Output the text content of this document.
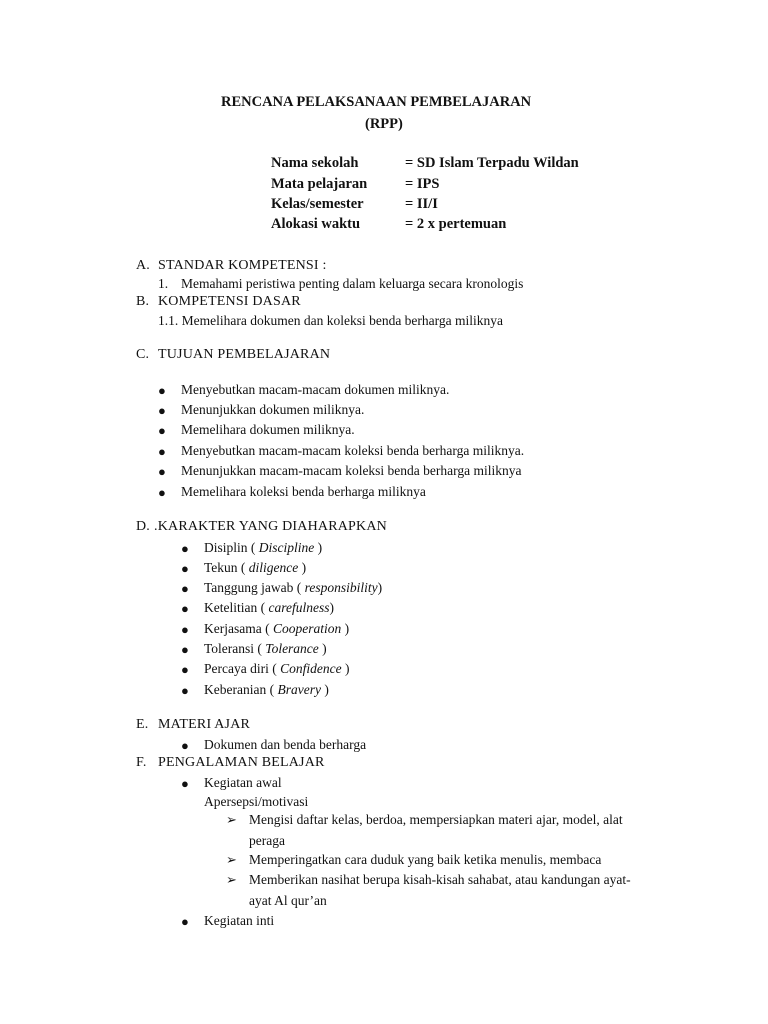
RENCANA PELAKSANAAN PEMBELAJARAN
(RPP)
Nama sekolah	= SD Islam Terpadu Wildan
Mata pelajaran	= IPS
Kelas/semester	= II/I
Alokasi waktu	= 2 x pertemuan
A. STANDAR KOMPETENSI :
1. Memahami peristiwa penting dalam keluarga secara kronologis
B. KOMPETENSI DASAR
1.1. Memelihara dokumen dan koleksi benda berharga miliknya
C. TUJUAN PEMBELAJARAN
● Menyebutkan macam-macam dokumen miliknya.
● Menunjukkan dokumen miliknya.
● Memelihara dokumen miliknya.
● Menyebutkan macam-macam koleksi benda berharga miliknya.
● Menunjukkan macam-macam koleksi benda berharga miliknya
● Memelihara koleksi benda berharga miliknya
D. .KARAKTER YANG DIAHARAPKAN
● Disiplin ( Discipline )
● Tekun ( diligence )
● Tanggung jawab ( responsibility)
● Ketelitian ( carefulness)
● Kerjasama ( Cooperation )
● Toleransi ( Tolerance )
● Percaya diri ( Confidence )
● Keberanian ( Bravery )
E. MATERI AJAR
● Dokumen dan benda berharga
F. PENGALAMAN BELAJAR
● Kegiatan awal
Apersepsi/motivasi
➢ Mengisi daftar kelas, berdoa, mempersiapkan materi ajar, model, alat
peraga
➢ Memperingatkan cara duduk yang baik ketika menulis, membaca
➢ Memberikan nasihat berupa kisah-kisah sahabat, atau kandungan ayat-
ayat Al qur’an
● Kegiatan inti
